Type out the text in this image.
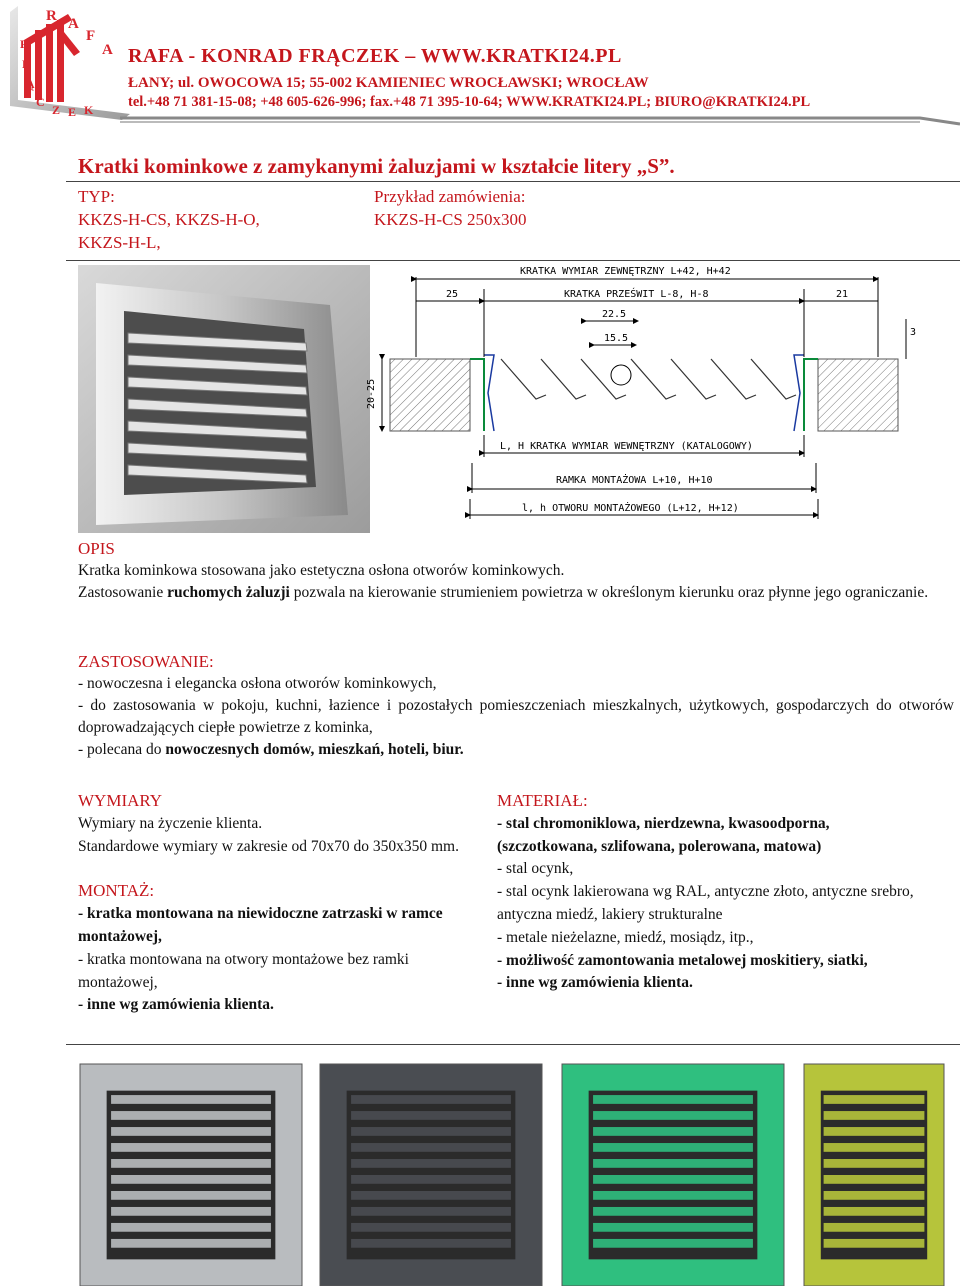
R A
F
A
F
R
Ą
C
Z E K
RAFA - KONRAD FRĄCZEK – WWW.KRATKI24.PL
ŁANY; ul. OWOCOWA 15; 55-002 KAMIENIEC WROCŁAWSKI; WROCŁAW
tel.+48 71 381-15-08; +48 605-626-996; fax.+48 71 395-10-64; WWW.KRATKI24.PL; BIURO@KRATKI24.PL
Kratki kominkowe z zamykanymi żaluzjami w kształcie litery „S”.
TYP:
KKZS-H-CS, KKZS-H-O,
KKZS-H-L,
Przykład zamówienia:
KKZS-H-CS 250x300
KRATKA WYMIAR ZEWNĘTRZNY L+42, H+42
KRATKA PRZEŚWIT L-8, H-8
25	21
22.5
15.5
3
20-25
L, H KRATKA WYMIAR WEWNĘTRZNY (KATALOGOWY)
RAMKA MONTAŻOWA L+10, H+10
l, h OTWORU MONTAŻOWEGO (L+12, H+12)
OPIS
Kratka kominkowa stosowana jako estetyczna osłona otworów kominkowych.
Zastosowanie ruchomych żaluzji pozwala na kierowanie strumieniem powietrza w określonym kierunku oraz płynne jego ograniczanie.
ZASTOSOWANIE:
- nowoczesna i elegancka osłona otworów kominkowych,
- do zastosowania w pokoju, kuchni, łazience i pozostałych pomieszczeniach mieszkalnych, użytkowych, gospodarczych do otworów doprowadzających ciepłe powietrze z kominka,
- polecana do nowoczesnych domów, mieszkań, hoteli, biur.
WYMIARY
Wymiary na życzenie klienta.
Standardowe wymiary w zakresie od 70x70 do 350x350 mm.
MONTAŻ:
- kratka montowana na niewidoczne zatrzaski w ramce montażowej,
- kratka montowana na otwory montażowe bez ramki montażowej,
- inne wg zamówienia klienta.
MATERIAŁ:
- stal chromoniklowa, nierdzewna, kwasoodporna, (szczotkowana, szlifowana, polerowana, matowa)
- stal ocynk,
- stal ocynk lakierowana wg RAL, antyczne złoto, antyczne srebro, antyczna miedź, lakiery strukturalne
- metale nieżelazne, miedź, mosiądz, itp.,
- możliwość zamontowania metalowej moskitiery, siatki,
- inne wg zamówienia klienta.
